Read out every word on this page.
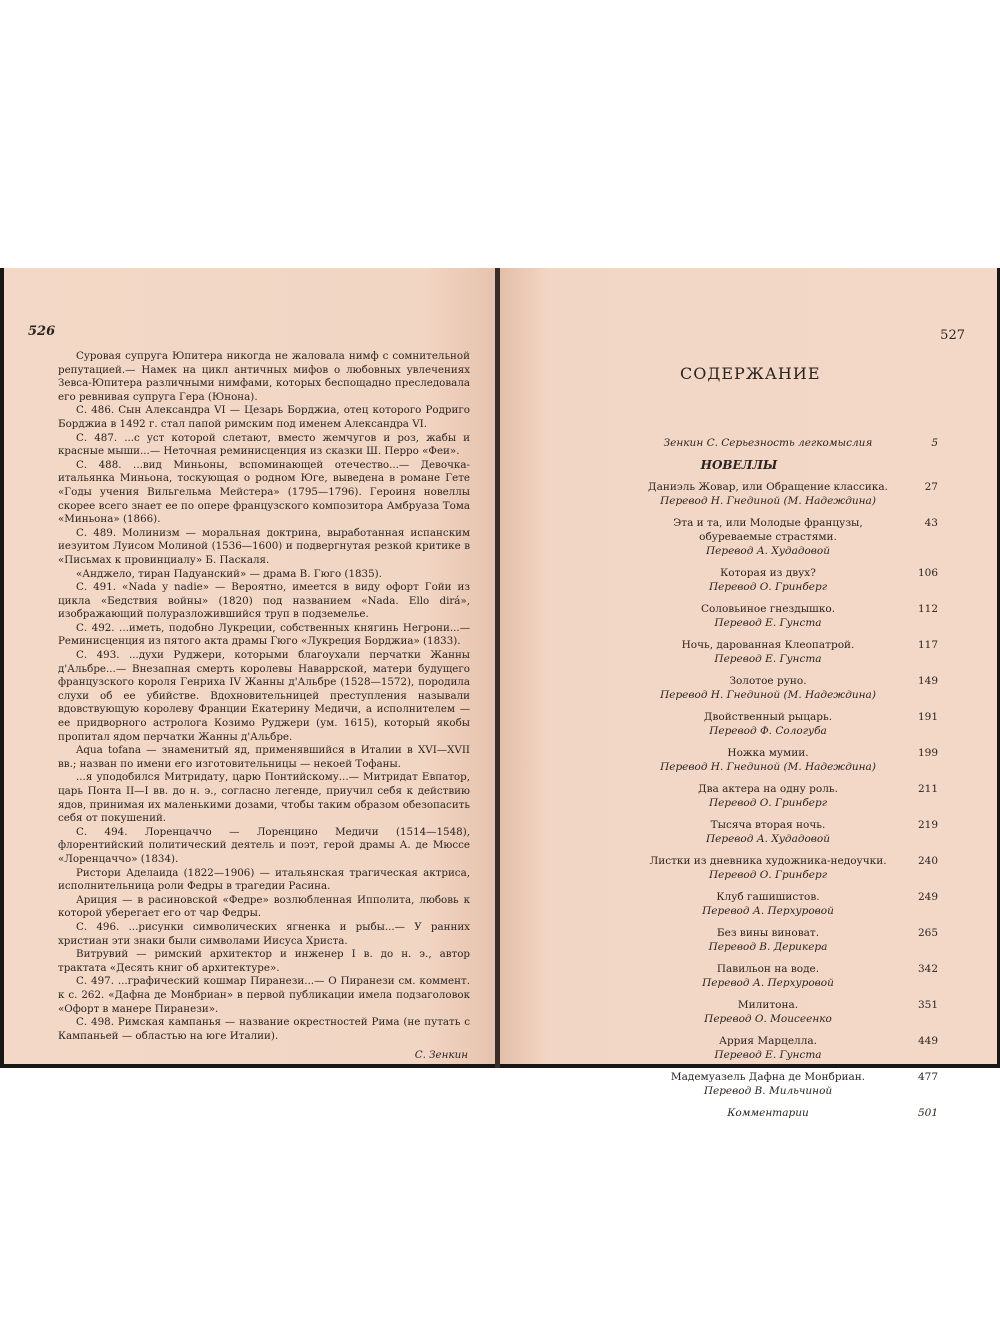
526

Суровая супруга Юпитера никогда не жаловала нимф с сомнительной репутацией.— Намек на цикл античных мифов о любовных увлечениях Зевса-Юпитера различными нимфами, которых беспощадно преследовала его ревнивая супруга Гера (Юнона).

С. 486. Сын Александра VI — Цезарь Борджиа, отец которого Родриго Борджиа в 1492 г. стал папой римским под именем Александра VI.

С. 487. ...с уст которой слетают, вместо жемчугов и роз, жабы и красные мыши...— Неточная реминисценция из сказки Ш. Перро «Феи».

С. 488. ...вид Миньоны, вспоминающей отечество...— Девочка-итальянка Миньона, тоскующая о родном Юге, выведена в романе Гете «Годы учения Вильгельма Мейстера» (1795—1796). Героиня новеллы скорее всего знает ее по опере французского композитора Амбруаза Тома «Миньона» (1866).

С. 489. Молинизм — моральная доктрина, выработанная испанским иезуитом Луисом Молиной (1536—1600) и подвергнутая резкой критике в «Письмах к провинциалу» Б. Паскаля.

«Анджело, тиран Падуанский» — драма В. Гюго (1835).

С. 491. «Nada y nadie» — Вероятно, имеется в виду офорт Гойи из цикла «Бедствия войны» (1820) под названием «Nada. Ello dirá», изображающий полуразложившийся труп в подземелье.

С. 492. ...иметь, подобно Лукреции, собственных княгинь Негрони...— Реминисценция из пятого акта драмы Гюго «Лукреция Борджиа» (1833).

С. 493. ...духи Руджери, которыми благоухали перчатки Жанны д'Альбре...— Внезапная смерть королевы Наваррской, матери будущего французского короля Генриха IV Жанны д'Альбре (1528—1572), породила слухи об ее убийстве. Вдохновительницей преступления называли вдовствующую королеву Франции Екатерину Медичи, а исполнителем — ее придворного астролога Козимо Руджери (ум. 1615), который якобы пропитал ядом перчатки Жанны д'Альбре.

Aqua tofana — знаменитый яд, применявшийся в Италии в XVI—XVII вв.; назван по имени его изготовительницы — некоей Тофаны.

...я уподобился Митридату, царю Понтийскому...— Митридат Евпатор, царь Понта II—I вв. до н. э., согласно легенде, приучил себя к действию ядов, принимая их маленькими дозами, чтобы таким образом обезопасить себя от покушений.

С. 494. Лоренцаччо — Лоренцино Медичи (1514—1548), флорентийский политический деятель и поэт, герой драмы А. де Мюссе «Лоренцаччо» (1834).

Ристори Аделаида (1822—1906) — итальянская трагическая актриса, исполнительница роли Федры в трагедии Расина.

Ариция — в расиновской «Федре» возлюбленная Ипполита, любовь к которой уберегает его от чар Федры.

С. 496. ...рисунки символических ягненка и рыбы...— У ранних христиан эти знаки были символами Иисуса Христа.

Витрувий — римский архитектор и инженер I в. до н. э., автор трактата «Десять книг об архитектуре».

С. 497. ...графический кошмар Пиранези...— О Пиранези см. коммент. к с. 262. «Дафна де Монбриан» в первой публикации имела подзаголовок «Офорт в манере Пиранези».

С. 498. Римская кампанья — название окрестностей Рима (не путать с Кампаньей — областью на юге Италии).

С. Зенкин

527
СОДЕРЖАНИЕ
Зенкин С. Серьезность легкомыслия	5
НОВЕЛЛЫ
Даниэль Жовар, или Обращение классика.
Перевод Н. Гнединой (М. Надеждина)
27
Эта и та, или Молодые французы, обуреваемые страстями.
Перевод А. Худадовой
43
Которая из двух?
Перевод О. Гринберг
106
Соловьиное гнездышко.
Перевод Е. Гунста
112
Ночь, дарованная Клеопатрой.
Перевод Е. Гунста
117
Золотое руно.
Перевод Н. Гнединой (М. Надеждина)
149
Двойственный рыцарь.
Перевод Ф. Сологуба
191
Ножка мумии.
Перевод Н. Гнединой (М. Надеждина)
199
Два актера на одну роль.
Перевод О. Гринберг
211
Тысяча вторая ночь.
Перевод А. Худадовой
219
Листки из дневника художника-недоучки.
Перевод О. Гринберг
240
Клуб гашишистов.
Перевод А. Перхуровой
249
Без вины виноват.
Перевод В. Дерикера
265
Павильон на воде.
Перевод А. Перхуровой
342
Милитона.
Перевод О. Моисеенко
351
Аррия Марцелла.
Перевод Е. Гунста
449
Мадемуазель Дафна де Монбриан.
Перевод В. Мильчиной
477
Комментарии	501
